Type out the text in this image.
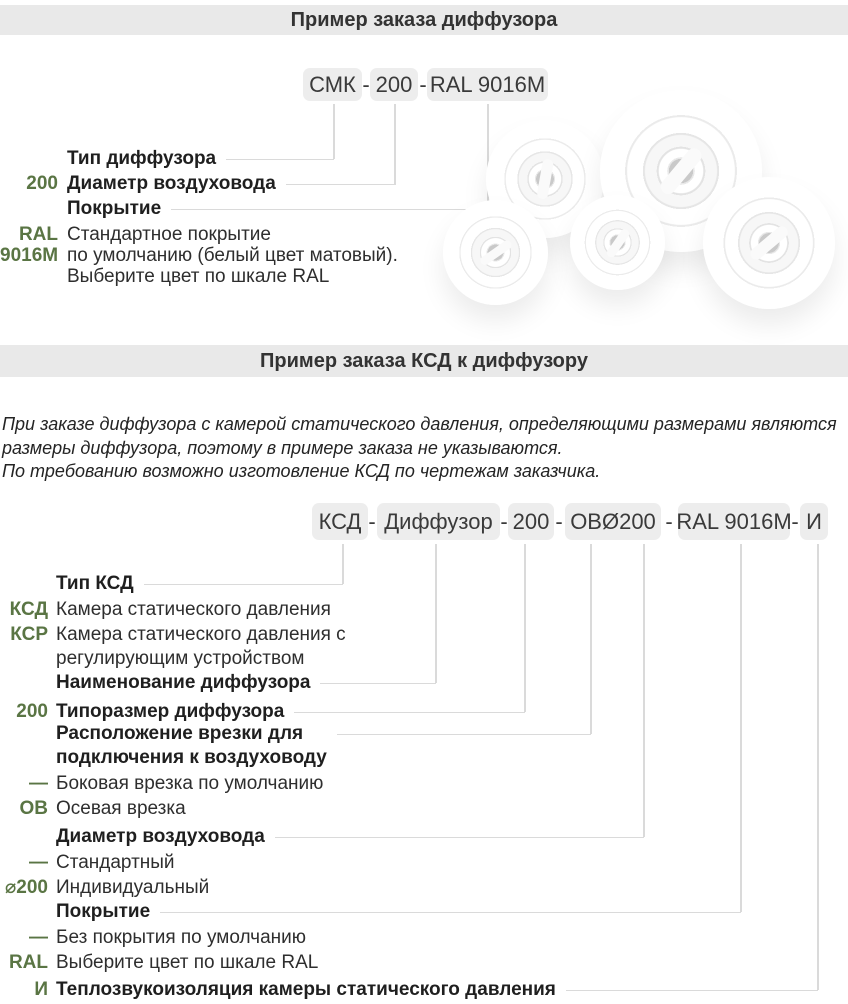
Пример заказа диффузора
СМК - 200 - RAL 9016М
Тип диффузора
200 Диаметр воздуховода
Покрытие
RAL
9016М
Стандартное покрытие
по умолчанию (белый цвет матовый).
Выберите цвет по шкале RAL
Пример заказа КСД к диффузору
При заказе диффузора с камерой статического давления, определяющими размерами являются
размеры диффузора, поэтому в примере заказа не указываются.
По требованию возможно изготовление КСД по чертежам заказчика.
КСД - Диффузор - 200 - ОВØ200 - RAL 9016М - И
Тип КСД
КСД Камера статического давления
КСР Камера статического давления с
регулирующим устройством
Наименование диффузора
200 Типоразмер диффузора
Расположение врезки для
подключения к воздуховоду
— Боковая врезка по умолчанию
ОВ Осевая врезка
Диаметр воздуховода
— Стандартный
⌀200 Индивидуальный
Покрытие
— Без покрытия по умолчанию
RAL Выберите цвет по шкале RAL
И Теплозвукоизоляция камеры статического давления
